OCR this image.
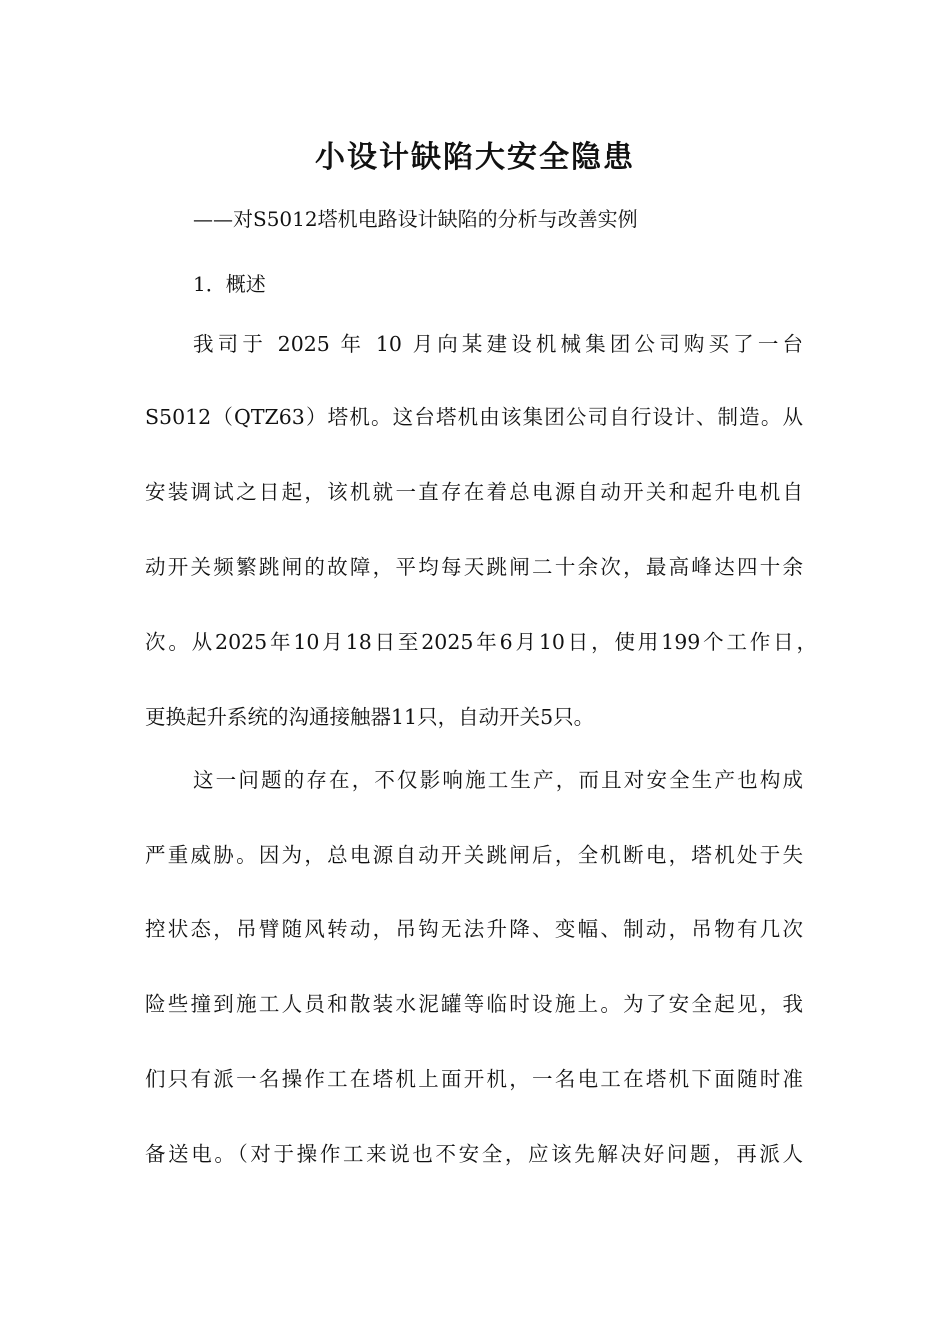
小设计缺陷大安全隐患

——对S5012塔机电路设计缺陷的分析与改善实例

1．概述

我司于 2025 年 10 月向某建设机械集团公司购买了一台

S5012（QTZ63）塔机。这台塔机由该集团公司自行设计、制造。从

安装调试之日起，该机就一直存在着总电源自动开关和起升电机自

动开关频繁跳闸的故障，平均每天跳闸二十余次，最高峰达四十余

次。从2025年10月18日至2025年6月10日，使用199个工作日，

更换起升系统的沟通接触器11只，自动开关5只。

这一问题的存在，不仅影响施工生产，而且对安全生产也构成

严重威胁。因为，总电源自动开关跳闸后，全机断电，塔机处于失

控状态，吊臂随风转动，吊钩无法升降、变幅、制动，吊物有几次

险些撞到施工人员和散装水泥罐等临时设施上。为了安全起见，我

们只有派一名操作工在塔机上面开机，一名电工在塔机下面随时准

备送电。（对于操作工来说也不安全，应该先解决好问题，再派人
